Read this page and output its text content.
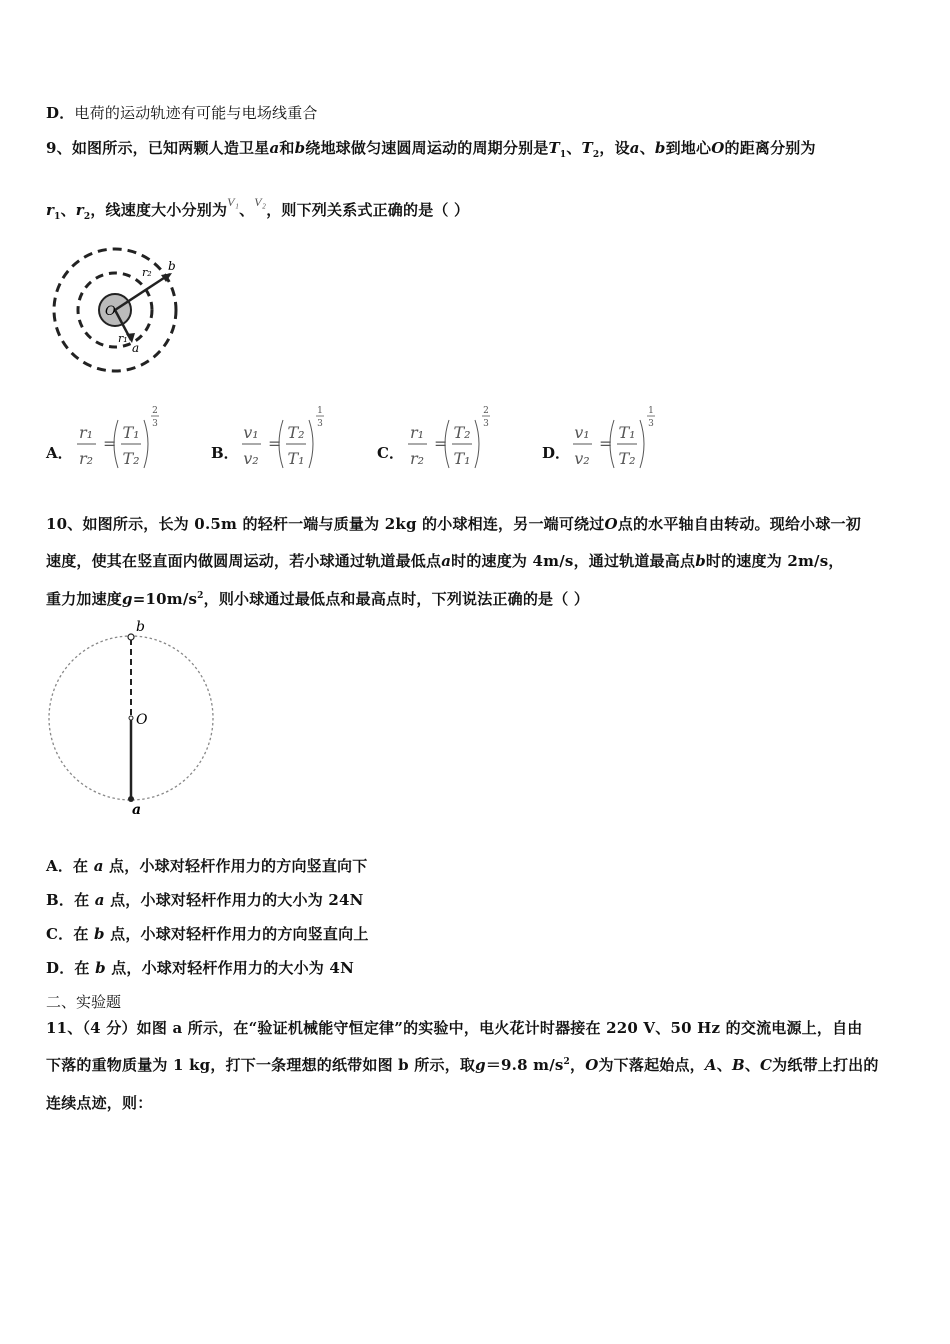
D．电荷的运动轨迹有可能与电场线重合
9、如图所示，已知两颗人造卫星a和b绕地球做匀速圆周运动的周期分别是$T_1$、$T_2$，设a、b到地心O的距离分别为
$r_1$、$r_2$，线速度大小分别为$^{V_1}$、$^{V_2}$，则下列关系式正确的是（ ）
O
r₂ b
r₁
a
A．
r₁
r₂
=
T₁
T₂
2
3
B．
v₁
v₂
=
T₂
T₁
1
3
C．
r₁
r₂
=
T₂
T₁
2
3
D．
v₁
v₂
=
T₁
T₂
1
3
10、如图所示，长为 0.5m 的轻杆一端与质量为 2kg 的小球相连，另一端可绕过O点的水平轴自由转动。现给小球一初
速度，使其在竖直面内做圆周运动，若小球通过轨道最低点a时的速度为 4m/s，通过轨道最高点b时的速度为 2m/s，
重力加速度$g=10m/s^2$，则小球通过最低点和最高点时，下列说法正确的是（ ）
b
O
a
A．在 a 点，小球对轻杆作用力的方向竖直向下
B．在 a 点，小球对轻杆作用力的大小为 24N
C．在 b 点，小球对轻杆作用力的方向竖直向上
D．在 b 点，小球对轻杆作用力的大小为 4N
二、实验题
11、（4 分）如图 a 所示，在“验证机械能守恒定律”的实验中，电火花计时器接在 220 V、50 Hz 的交流电源上，自由
下落的重物质量为 1 kg，打下一条理想的纸带如图 b 所示，取g＝9.8 $m/s^2$，O为下落起始点，A、B、C为纸带上打出的
连续点迹，则：
